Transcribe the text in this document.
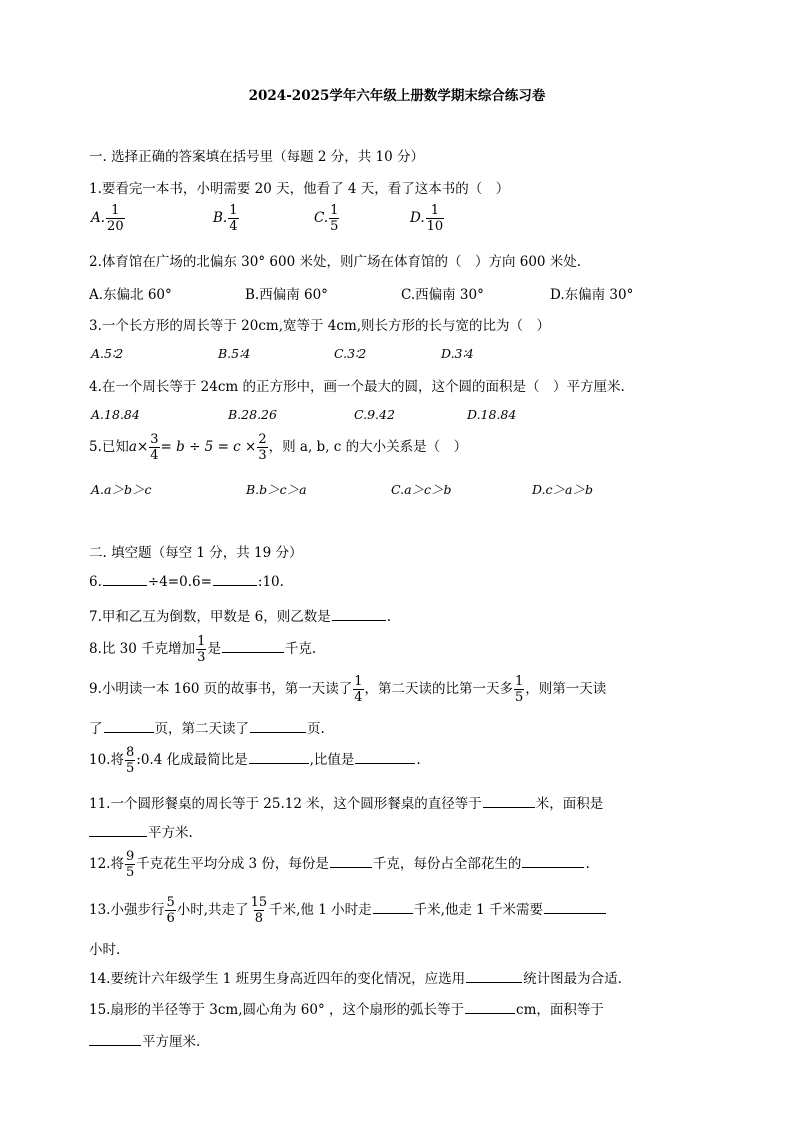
2024-2025学年六年级上册数学期末综合练习卷
一. 选择正确的答案填在括号里（每题 2 分，共 10 分）
1.要看完一本书，小明需要 20 天，他看了 4 天，看了这本书的（　）
A. $\frac{1}{20}$	B. $\frac{1}{4}$	C. $\frac{1}{5}$	D. $\frac{1}{10}$
2.体育馆在广场的北偏东 30° 600 米处，则广场在体育馆的（　）方向 600 米处.
A.东偏北 60°	B.西偏南 60°	C.西偏南 30°	D.东偏南 30°
3.一个长方形的周长等于 20cm,宽等于 4cm,则长方形的长与宽的比为（　）
A.5∶2	B.5∶4	C.3∶2	D.3∶4
4.在一个周长等于 24cm 的正方形中，画一个最大的圆，这个圆的面积是（　）平方厘米.
A.18.84	B.28.26	C.9.42	D.18.84
5.已知$a\times \frac{3}{4} = b \div 5 = c \times \frac{2}{3}$ ，则 a, b, c 的大小关系是（　）
A.a＞b＞c	B.b＞c＞a	C.a＞c＞b	D.c＞a＞b
二. 填空题（每空 1 分，共 19 分）
6.	÷4=0.6=	:10.
7.甲和乙互为倒数，甲数是 6，则乙数是	.
8.比 30 千克增加 $\frac{1}{3}$ 是	千克.
9.小明读一本 160 页的故事书，第一天读了 $\frac{1}{4}$ ，第二天读的比第一天多 $\frac{1}{5}$ ，则第一天读
了	页，第二天读了	页.
10.将 $\frac{8}{5}$ :0.4 化成最简比是	,比值是	.
11.一个圆形餐桌的周长等于 25.12 米，这个圆形餐桌的直径等于	米，面积是
平方米.
12.将 $\frac{9}{5}$ 千克花生平均分成 3 份，每份是	千克，每份占全部花生的	.
13.小强步行 $\frac{5}{6}$ 小时,共走了 $\frac{15}{8}$ 千米,他 1 小时走	千米,他走 1 千米需要
小时.
14.要统计六年级学生 1 班男生身高近四年的变化情况，应选用	统计图最为合适.
15.扇形的半径等于 3cm,圆心角为 60° ，这个扇形的弧长等于	cm，面积等于
平方厘米.
